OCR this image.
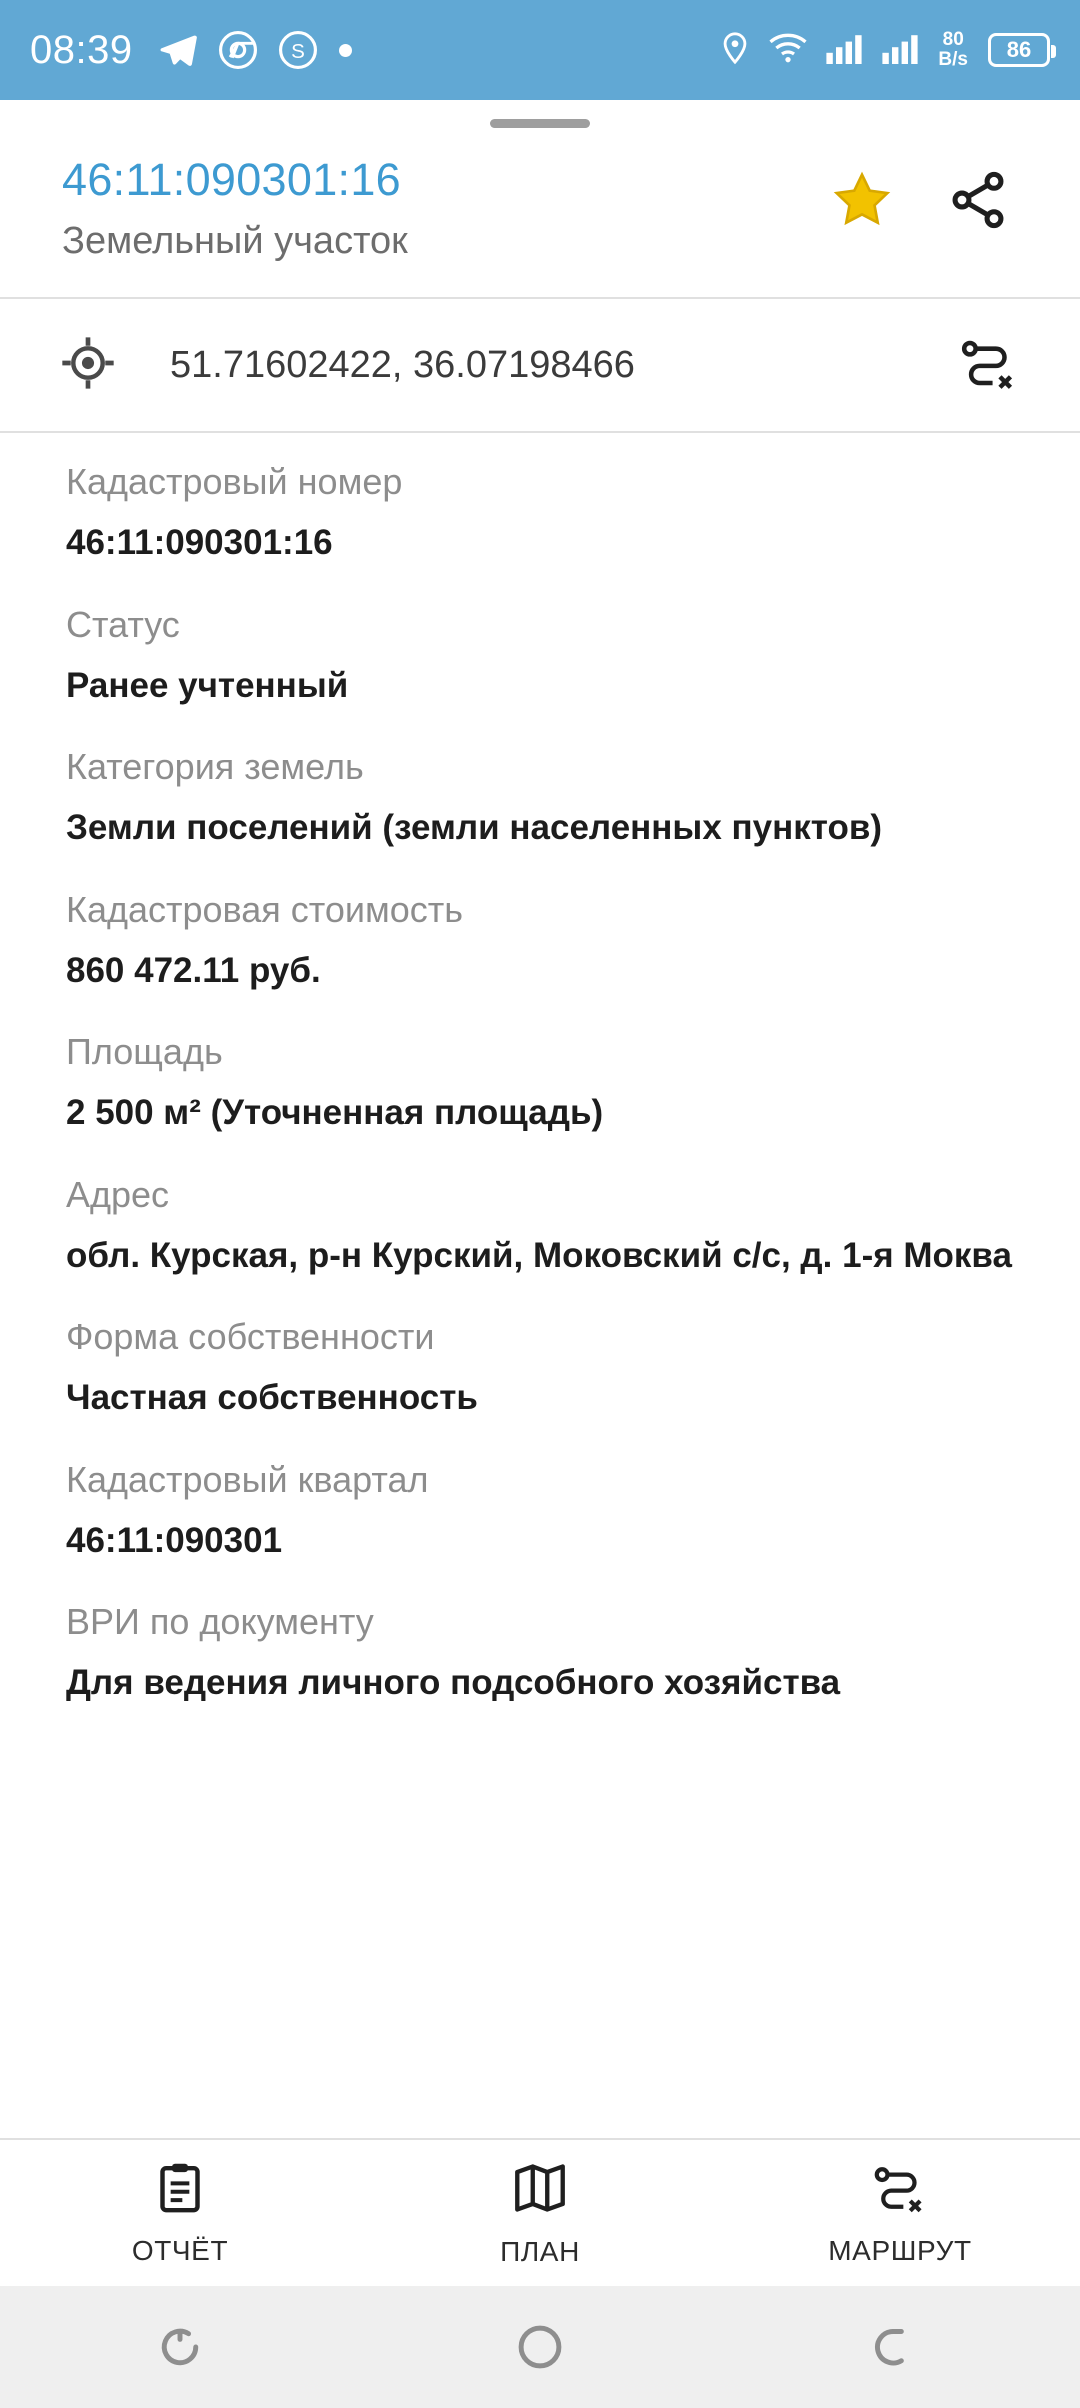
08:39	S
80
B/s 86
46:11:090301:16
Земельный участок
51.71602422, 36.07198466
Кадастровый номер
46:11:090301:16
Статус
Ранее учтенный
Категория земель
Земли поселений (земли населенных пунктов)
Кадастровая стоимость
860 472.11 руб.
Площадь
2 500 м² (Уточненная площадь)
Адрес
обл. Курская, р-н Курский, Моковский с/с, д. 1-я Моква
Форма собственности
Частная собственность
Кадастровый квартал
46:11:090301
ВРИ по документу
Для ведения личного подсобного хозяйства
ОТЧЁТ	ПЛАН	МАРШРУТ
